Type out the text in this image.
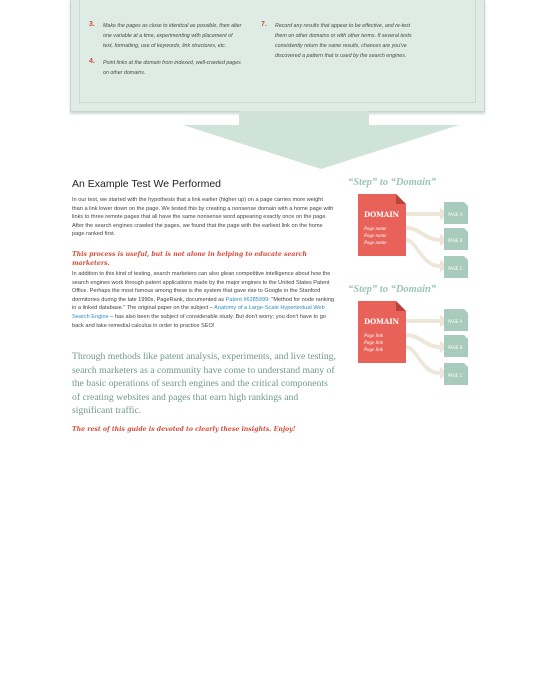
3. Make the pages as close to identical as possible, then alter
one variable at a time, experimenting with placement of
text, formatting, use of keywords, link structures, etc.
4. Point links at the domain from indexed, well-crawled pages
on other domains.
7. Record any results that appear to be effective, and re-test
them on other domains or with other terms. If several tests
consistently return the same results, chances are you've
discovered a pattern that is used by the search engines.
An Example Test We Performed
In our test, we started with the hypothesis that a link earlier (higher up) on a page carries more weight than a link lower down on the page. We tested this by creating a nonsense domain with a home page with links to three remote pages that all have the same nonsense word appearing exactly once on the page. After the search engines crawled the pages, we found that the page with the earliest link on the home page ranked first.
This process is useful, but is not alone in helping to educate search marketers.
In addition to this kind of testing, search marketers can also glean competitive intelligence about how the search engines work through patent applications made by the major engines to the United States Patent Office. Perhaps the most famous among these is the system that gave rise to Google in the Stanford dormitories during the late 1990s, PageRank, documented as Patent #6285999: "Method for node ranking in a linked database." The original paper on the subject – Anatomy of a Large-Scale Hypertextual Web Search Engine – has also been the subject of considerable study. But don't worry; you don't have to go back and take remedial calculus in order to practice SEO!
Through methods like patent analysis, experiments, and live testing, search marketers as a community have come to understand many of the basic operations of search engines and the critical components of creating websites and pages that earn high rankings and significant traffic.
The rest of this guide is devoted to clearly these insights. Enjoy!
“Step” to “Domain”
DOMAIN
Page name
Page name
Page name
PAGE A
PAGE B
PAGE C
“Step” to “Domain”
DOMAIN
Page link
Page link
Page link
PAGE A
PAGE B
PAGE C
